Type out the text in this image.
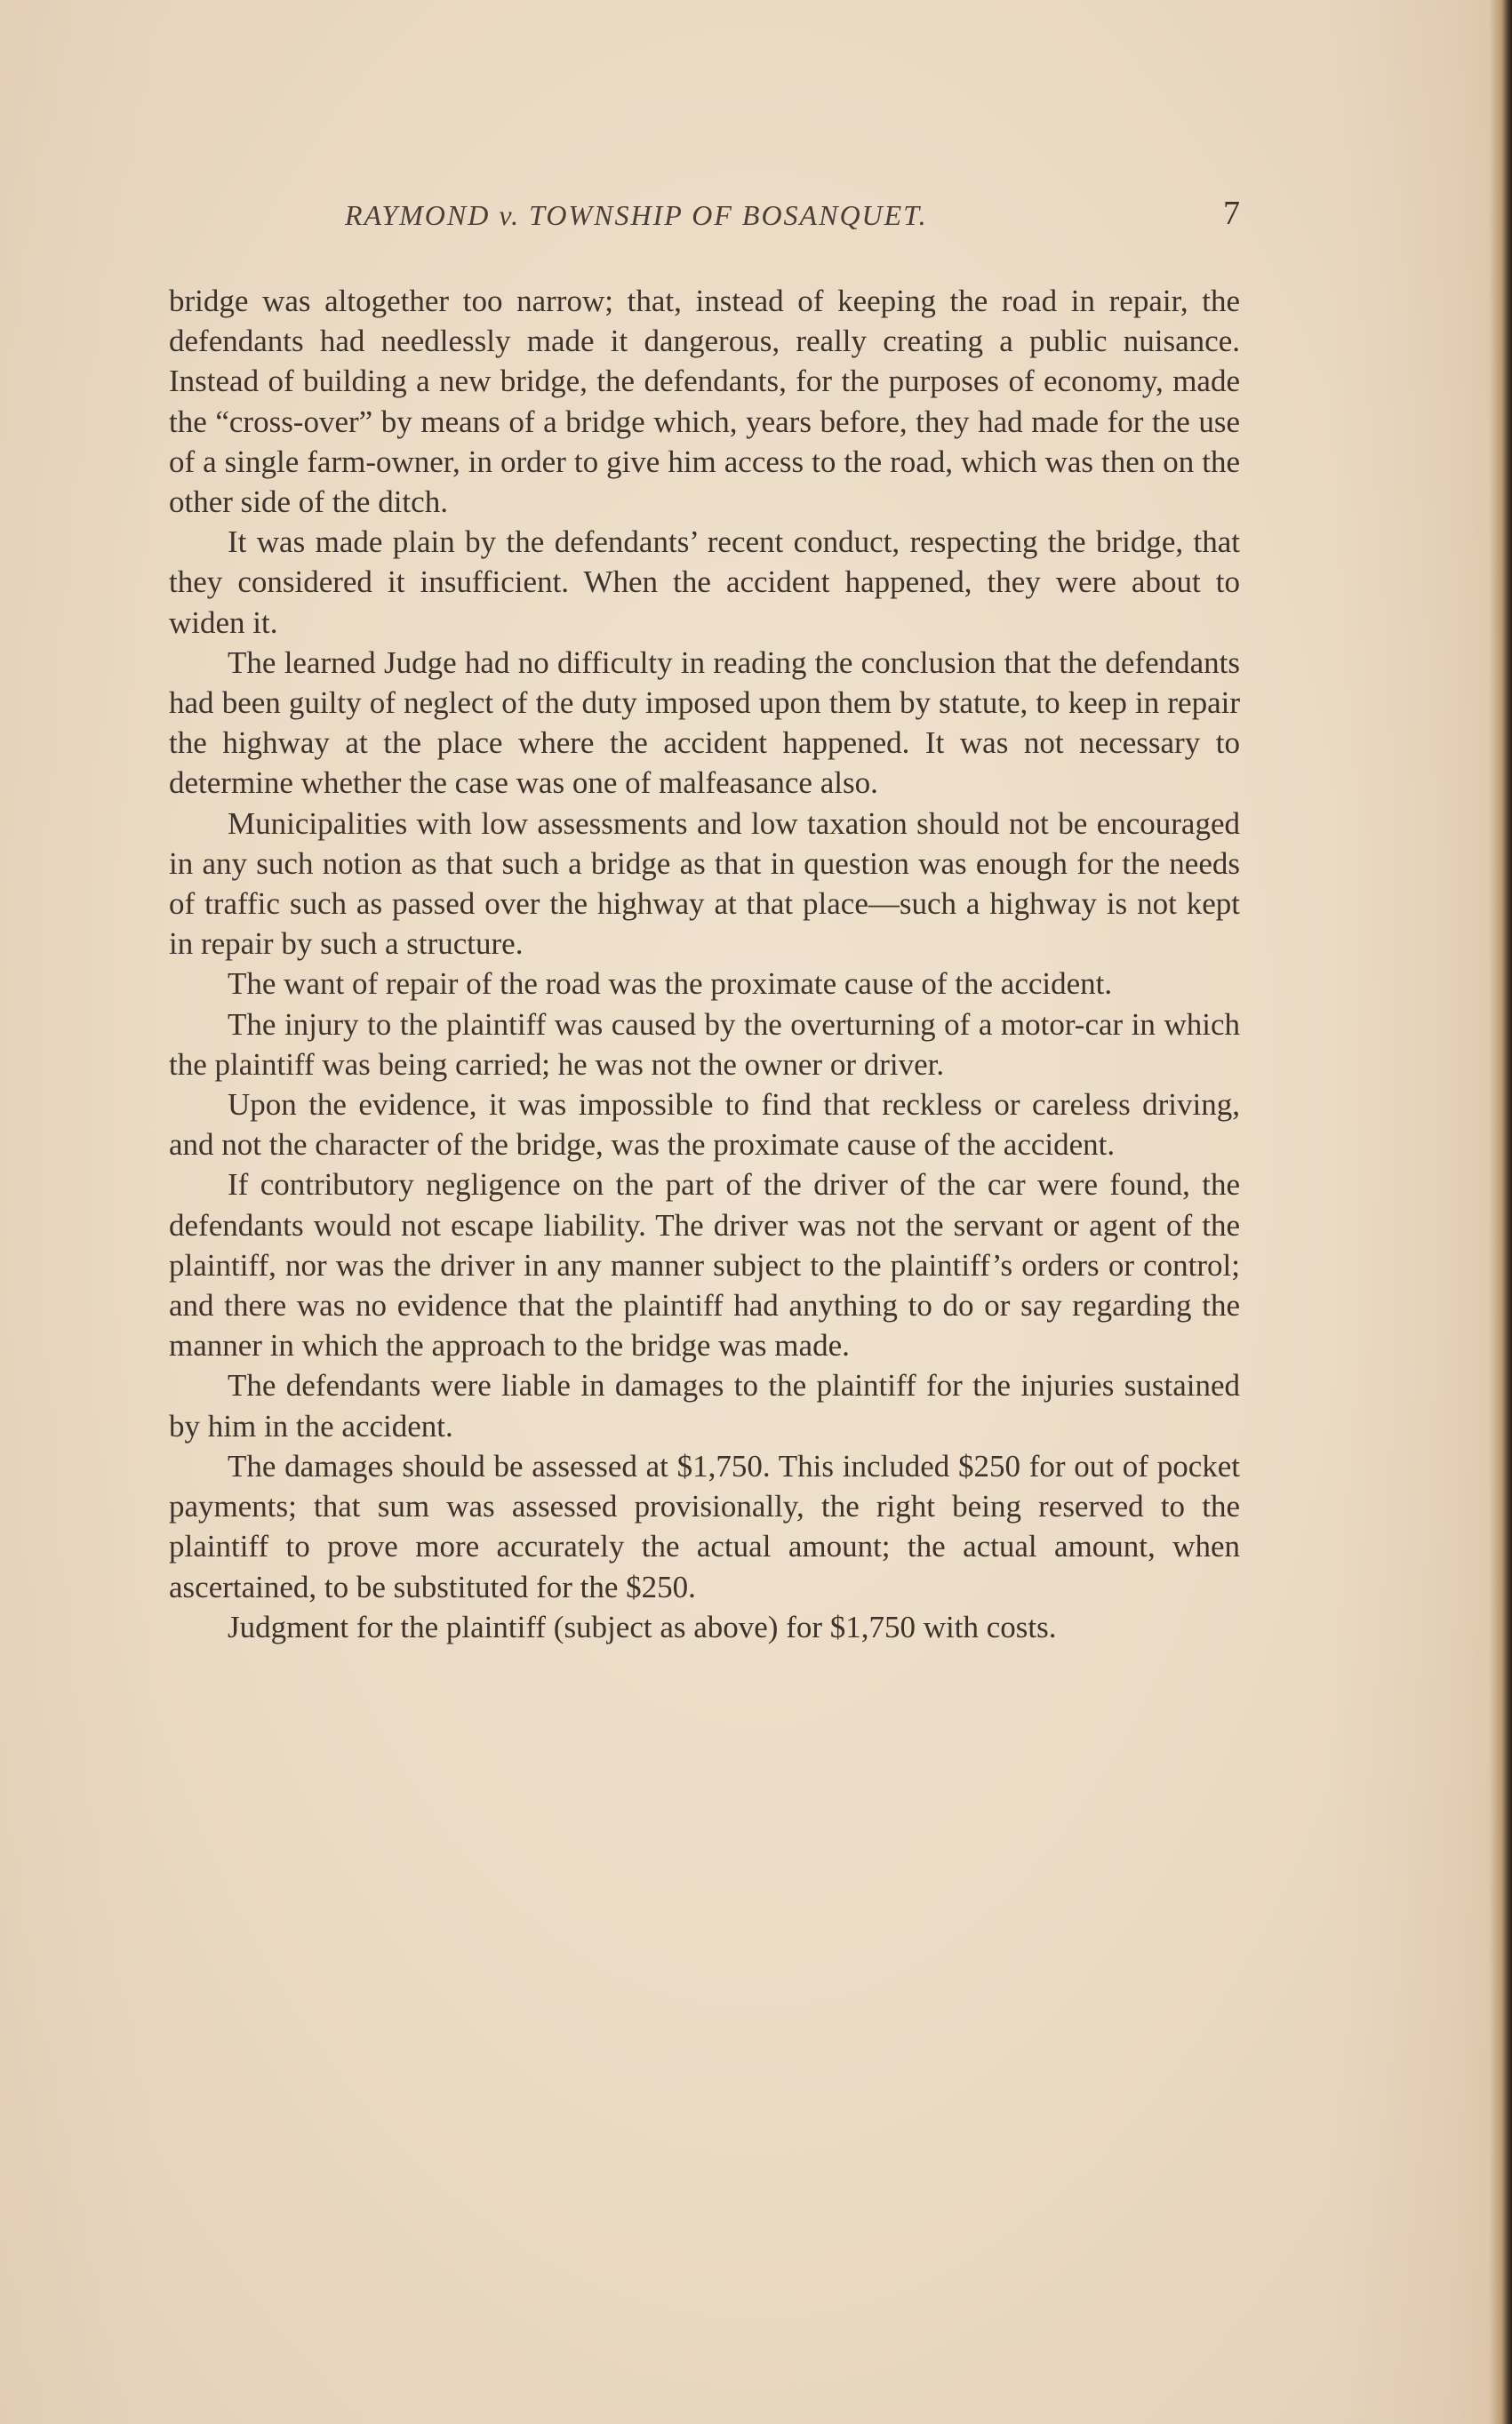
RAYMOND v. TOWNSHIP OF BOSANQUET.	7

bridge was altogether too narrow; that, instead of keeping the road in repair, the defendants had needlessly made it dangerous, really creating a public nuisance. Instead of building a new bridge, the defendants, for the purposes of economy, made the “cross-over” by means of a bridge which, years before, they had made for the use of a single farm-owner, in order to give him access to the road, which was then on the other side of the ditch.

It was made plain by the defendants’ recent conduct, respecting the bridge, that they considered it insufficient. When the accident happened, they were about to widen it.

The learned Judge had no difficulty in reading the conclusion that the defendants had been guilty of neglect of the duty imposed upon them by statute, to keep in repair the highway at the place where the accident happened. It was not necessary to determine whether the case was one of malfeasance also.

Municipalities with low assessments and low taxation should not be encouraged in any such notion as that such a bridge as that in question was enough for the needs of traffic such as passed over the highway at that place—such a highway is not kept in repair by such a structure.

The want of repair of the road was the proximate cause of the accident.

The injury to the plaintiff was caused by the overturning of a motor-car in which the plaintiff was being carried; he was not the owner or driver.

Upon the evidence, it was impossible to find that reckless or careless driving, and not the character of the bridge, was the proximate cause of the accident.

If contributory negligence on the part of the driver of the car were found, the defendants would not escape liability. The driver was not the servant or agent of the plaintiff, nor was the driver in any manner subject to the plaintiff’s orders or control; and there was no evidence that the plaintiff had anything to do or say regarding the manner in which the approach to the bridge was made.

The defendants were liable in damages to the plaintiff for the injuries sustained by him in the accident.

The damages should be assessed at $1,750. This included $250 for out of pocket payments; that sum was assessed provisionally, the right being reserved to the plaintiff to prove more accurately the actual amount; the actual amount, when ascertained, to be substituted for the $250.

Judgment for the plaintiff (subject as above) for $1,750 with costs.
